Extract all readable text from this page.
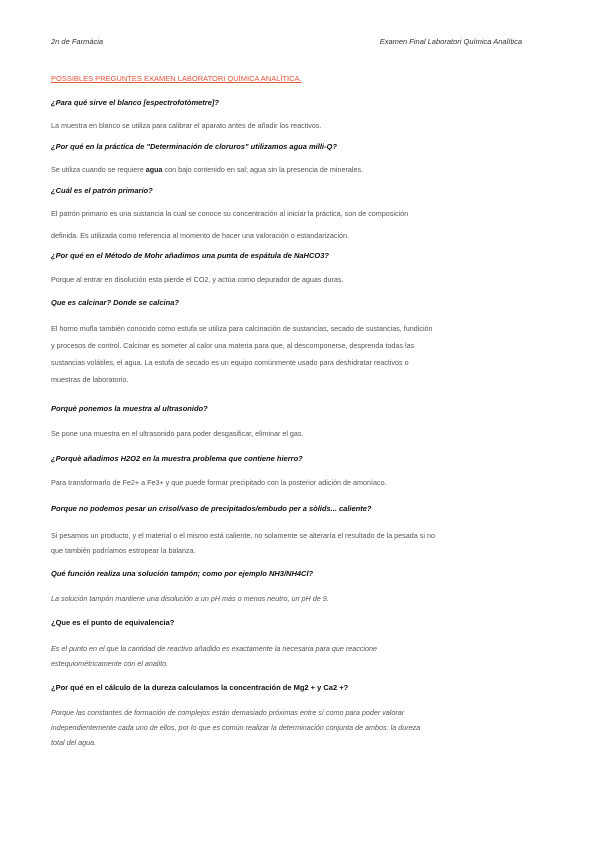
2n de Farmàcia	Examen Final Laboratori Química Analítica
POSSIBLES PREGUNTES EXAMEN LABORATORI QUÍMICA ANALÍTICA.
¿Para qué sirve el blanco [espectrofotòmetre]?
La muestra en blanco se utiliza para calibrar el aparato antes de añadir los reactivos.
¿Por qué en la práctica de "Determinación de cloruros" utilizamos agua milli-Q?
Se utiliza cuando se requiere agua con bajo contenido en sal; agua sin la presencia de minerales.
¿Cuál es el patrón primario?
El patrón primario es una sustancia la cual se conoce su concentración al iniciar la práctica, son de composición
definida. Es utilizada como referencia al momento de hacer una valoración o estandarización.
¿Por qué en el Método de Mohr añadimos una punta de espátula de NaHCO3?
Porque al entrar en disolución esta pierde el CO2, y actúa como depurador de aguas duras.
Que es calcinar? Donde se calcina?
El horno mufla también conocido como estufa se utiliza para calcinación de sustancias, secado de sustancias, fundición
y procesos de control. Calcinar es someter al calor una materia para que, al descomponerse, desprenda todas las
sustancias volátiles, el agua. La estufa de secado es un equipo comúnmente usado para deshidratar reactivos o
muestras de laboratorio.
Porquè ponemos la muestra al ultrasonido?
Se pone una muestra en el ultrasonido para poder desgasificar, eliminar el gas.
¿Porquè añadimos H2O2 en la muestra problema que contiene hierro?
Para transformarlo de Fe2+ a Fe3+ y que puede formar precipitado con la posterior adición de amoníaco.
Porque no podemos pesar un crisol/vaso de precipitados/embudo per a sòlids... caliente?
Si pesamos un producto, y el material o el mismo está caliente, no solamente se alteraría el resultado de la pesada si no
que también podríamos estropear la balanza.
Qué función realiza una solución tampón; como por ejemplo NH3/NH4Cl?
La solución tampón mantiene una disolución a un pH más o menos neutro, un pH de 9.
¿Que es el punto de equivalencia?
Es el punto en el que la cantidad de reactivo añadido es exactamente la necesaria para que reaccione
estequiométricamente con el analito.
¿Por qué en el cálculo de la dureza calculamos la concentración de Mg2 + y Ca2 +?
Porque las constantes de formación de complejos están demasiado próximas entre sí como para poder valorar
independientemente cada uno de ellos, por lo que es común realizar la determinación conjunta de ambos: la dureza
total del agua.
